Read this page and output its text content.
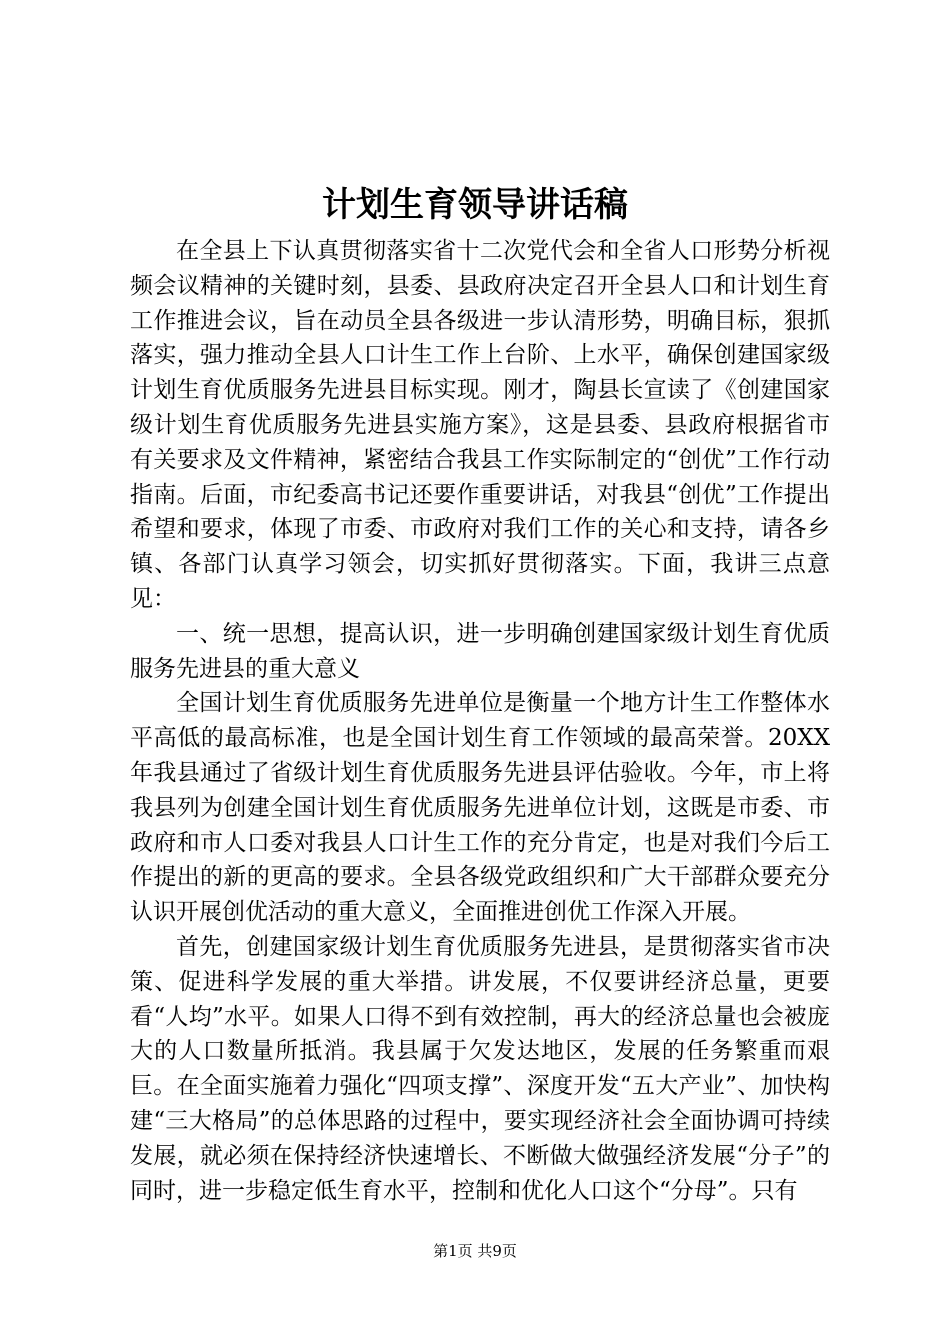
计划生育领导讲话稿

在全县上下认真贯彻落实省十二次党代会和全省人口形势分析视频会议精神的关键时刻，县委、县政府决定召开全县人口和计划生育工作推进会议，旨在动员全县各级进一步认清形势，明确目标，狠抓落实，强力推动全县人口计生工作上台阶、上水平，确保创建国家级计划生育优质服务先进县目标实现。刚才，陶县长宣读了《创建国家级计划生育优质服务先进县实施方案》，这是县委、县政府根据省市有关要求及文件精神，紧密结合我县工作实际制定的“创优”工作行动指南。后面，市纪委高书记还要作重要讲话，对我县“创优”工作提出希望和要求，体现了市委、市政府对我们工作的关心和支持，请各乡镇、各部门认真学习领会，切实抓好贯彻落实。下面，我讲三点意见：

一、统一思想，提高认识，进一步明确创建国家级计划生育优质服务先进县的重大意义

全国计划生育优质服务先进单位是衡量一个地方计生工作整体水平高低的最高标准，也是全国计划生育工作领域的最高荣誉。20XX年我县通过了省级计划生育优质服务先进县评估验收。今年，市上将我县列为创建全国计划生育优质服务先进单位计划，这既是市委、市政府和市人口委对我县人口计生工作的充分肯定，也是对我们今后工作提出的新的更高的要求。全县各级党政组织和广大干部群众要充分认识开展创优活动的重大意义，全面推进创优工作深入开展。

首先，创建国家级计划生育优质服务先进县，是贯彻落实省市决策、促进科学发展的重大举措。讲发展，不仅要讲经济总量，更要看“人均”水平。如果人口得不到有效控制，再大的经济总量也会被庞大的人口数量所抵消。我县属于欠发达地区，发展的任务繁重而艰巨。在全面实施着力强化“四项支撑”、深度开发“五大产业”、加快构建“三大格局”的总体思路的过程中，要实现经济社会全面协调可持续发展，就必须在保持经济快速增长、不断做大做强经济发展“分子”的同时，进一步稳定低生育水平，控制和优化人口这个“分母”。只有

第1页 共9页
